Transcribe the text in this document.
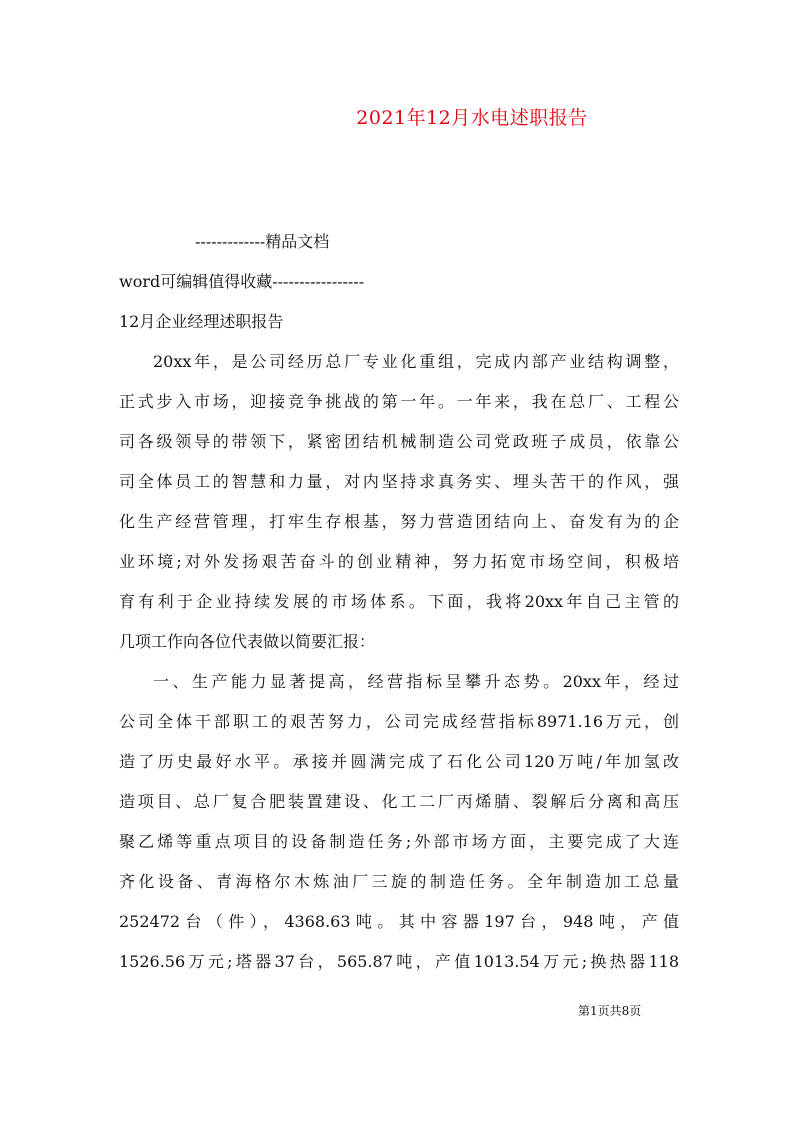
2021年12月水电述职报告
-------------精品文档
word可编辑值得收藏-----------------
12月企业经理述职报告
20xx年，是公司经历总厂专业化重组，完成内部产业结构调整，
正式步入市场，迎接竞争挑战的第一年。一年来，我在总厂、工程公
司各级领导的带领下，紧密团结机械制造公司党政班子成员，依靠公
司全体员工的智慧和力量，对内坚持求真务实、埋头苦干的作风，强
化生产经营管理，打牢生存根基，努力营造团结向上、奋发有为的企
业环境;对外发扬艰苦奋斗的创业精神，努力拓宽市场空间，积极培
育有利于企业持续发展的市场体系。下面，我将20xx年自己主管的
几项工作向各位代表做以简要汇报：
一、生产能力显著提高，经营指标呈攀升态势。20xx年，经过
公司全体干部职工的艰苦努力，公司完成经营指标8971.16万元，创
造了历史最好水平。承接并圆满完成了石化公司120万吨/年加氢改
造项目、总厂复合肥装置建设、化工二厂丙烯腈、裂解后分离和高压
聚乙烯等重点项目的设备制造任务;外部市场方面，主要完成了大连
齐化设备、青海格尔木炼油厂三旋的制造任务。全年制造加工总量
252472台（件），4368.63吨。其中容器197台，948吨，产值
1526.56万元;塔器37台，565.87吨，产值1013.54万元;换热器118
第1页共8页
